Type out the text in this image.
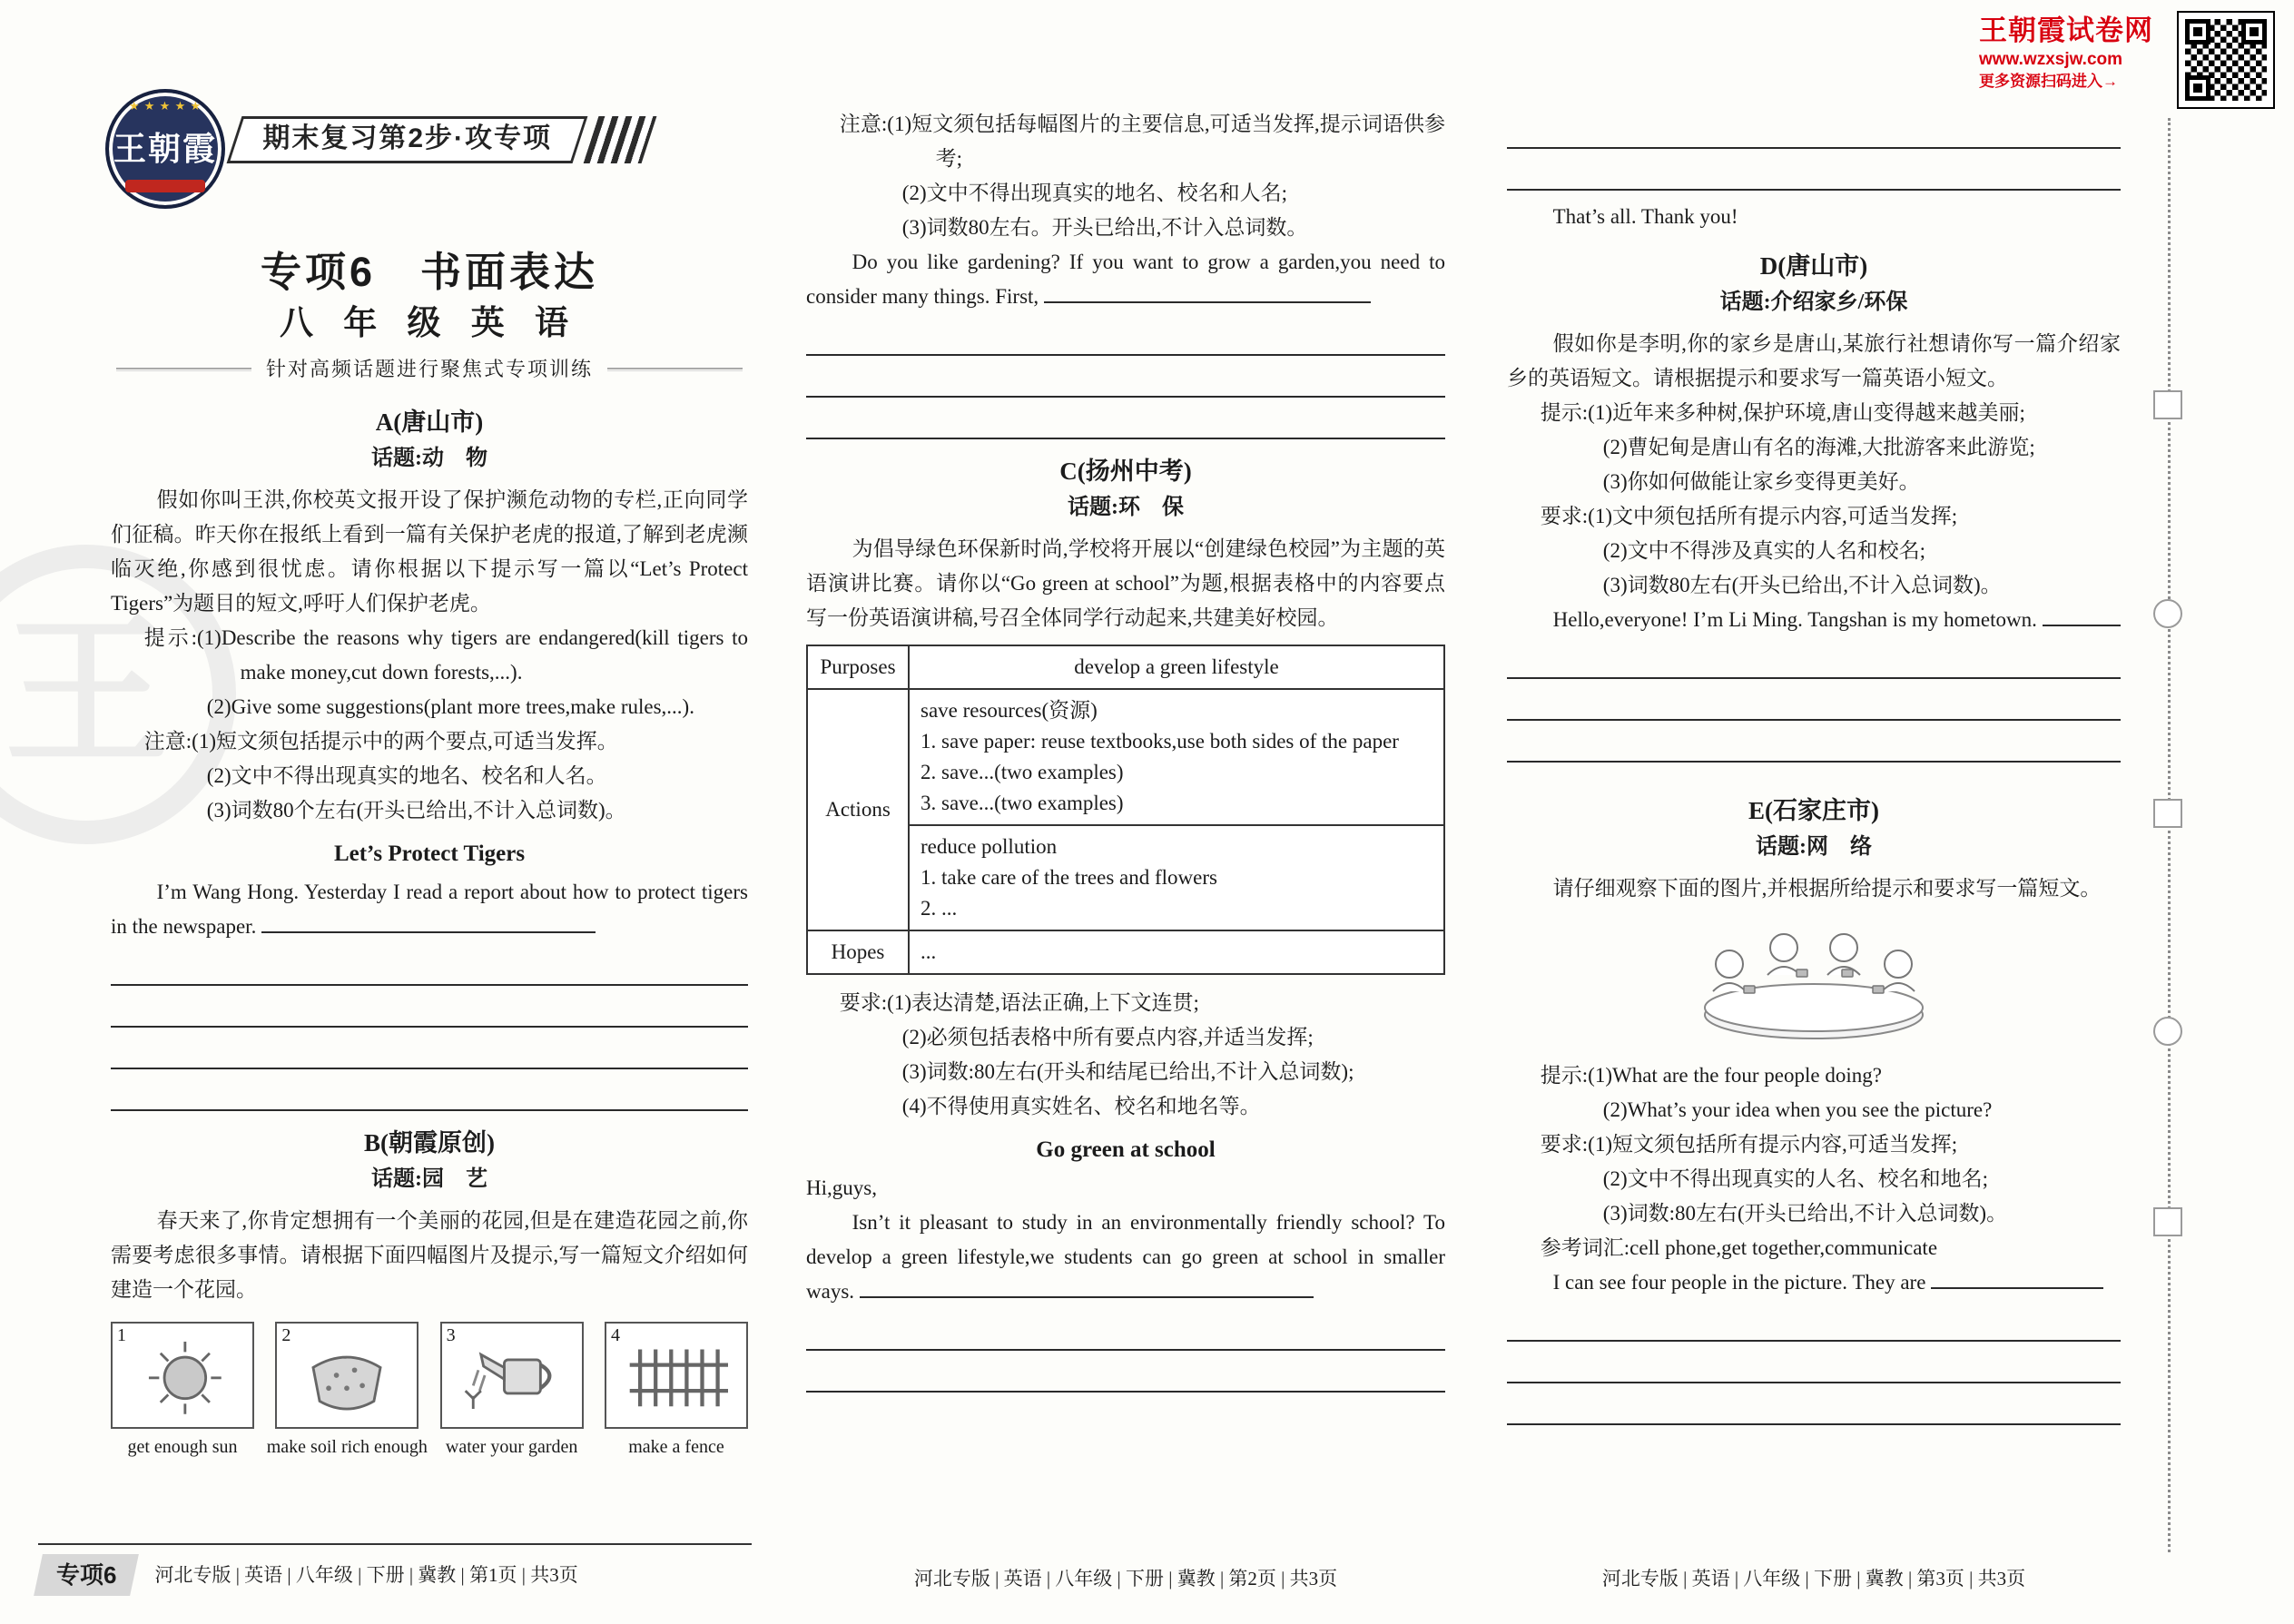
王
★ ★ ★ ★ ★
王朝霞	期末复习第2步·攻专项
王朝霞试卷网
www.wzxsjw.com
更多资源扫码进入→
专项6　书面表达
八 年 级 英 语
针对高频话题进行聚焦式专项训练
A(唐山市)
话题:动　物

假如你叫王洪,你校英文报开设了保护濒危动物的专栏,正向同学们征稿。昨天你在报纸上看到一篇有关保护老虎的报道,了解到老虎濒临灭绝,你感到很忧虑。请你根据以下提示写一篇以“Let’s Protect Tigers”为题目的短文,呼吁人们保护老虎。

提示:(1)Describe the reasons why tigers are endangered(kill tigers to make money,cut down forests,...).
(2)Give some suggestions(plant more trees,make rules,...).
注意:(1)短文须包括提示中的两个要点,可适当发挥。
(2)文中不得出现真实的地名、校名和人名。
(3)词数80个左右(开头已给出,不计入总词数)。
Let’s Protect Tigers

I’m Wang Hong. Yesterday I read a report about how to protect tigers in the newspaper.

B(朝霞原创)
话题:园　艺

春天来了,你肯定想拥有一个美丽的花园,但是在建造花园之前,你需要考虑很多事情。请根据下面四幅图片及提示,写一篇短文介绍如何建造一个花园。

1
get enough sun
2
make soil rich enough
3
water your garden
4
make a fence
注意:(1)短文须包括每幅图片的主要信息,可适当发挥,提示词语供参考;
(2)文中不得出现真实的地名、校名和人名;
(3)词数80左右。开头已给出,不计入总词数。

Do you like gardening? If you want to grow a garden,you need to consider many things. First,

C(扬州中考)
话题:环　保

为倡导绿色环保新时尚,学校将开展以“创建绿色校园”为主题的英语演讲比赛。请你以“Go green at school”为题,根据表格中的内容要点写一份英语演讲稿,号召全体同学行动起来,共建美好校园。

Purposes	develop a green lifestyle
Actions	save resources(资源)
1. save paper: reuse textbooks,use both sides of the paper
2. save...(two examples)
3. save...(two examples)

	reduce pollution
1. take care of the trees and flowers
2. ...

Hopes	...
要求:(1)表达清楚,语法正确,上下文连贯;
(2)必须包括表格中所有要点内容,并适当发挥;
(3)词数:80左右(开头和结尾已给出,不计入总词数);
(4)不得使用真实姓名、校名和地名等。
Go green at school

Hi,guys,

Isn’t it pleasant to study in an environmentally friendly school? To develop a green lifestyle,we students can go green at school in smaller ways.

That’s all. Thank you!

D(唐山市)
话题:介绍家乡/环保

假如你是李明,你的家乡是唐山,某旅行社想请你写一篇介绍家乡的英语短文。请根据提示和要求写一篇英语小短文。

提示:(1)近年来多种树,保护环境,唐山变得越来越美丽;
(2)曹妃甸是唐山有名的海滩,大批游客来此游览;
(3)你如何做能让家乡变得更美好。
要求:(1)文中须包括所有提示内容,可适当发挥;
(2)文中不得涉及真实的人名和校名;
(3)词数80左右(开头已给出,不计入总词数)。

Hello,everyone! I’m Li Ming. Tangshan is my hometown.

E(石家庄市)
话题:网　络

请仔细观察下面的图片,并根据所给提示和要求写一篇短文。

提示:(1)What are the four people doing?
(2)What’s your idea when you see the picture?
要求:(1)短文须包括所有提示内容,可适当发挥;
(2)文中不得出现真实的人名、校名和地名;
(3)词数:80左右(开头已给出,不计入总词数)。
参考词汇:cell phone,get together,communicate

I can see four people in the picture. They are

专项6	河北专版 | 英语 | 八年级 | 下册 | 冀教 | 第1页 | 共3页	河北专版 | 英语 | 八年级 | 下册 | 冀教 | 第2页 | 共3页	河北专版 | 英语 | 八年级 | 下册 | 冀教 | 第3页 | 共3页
